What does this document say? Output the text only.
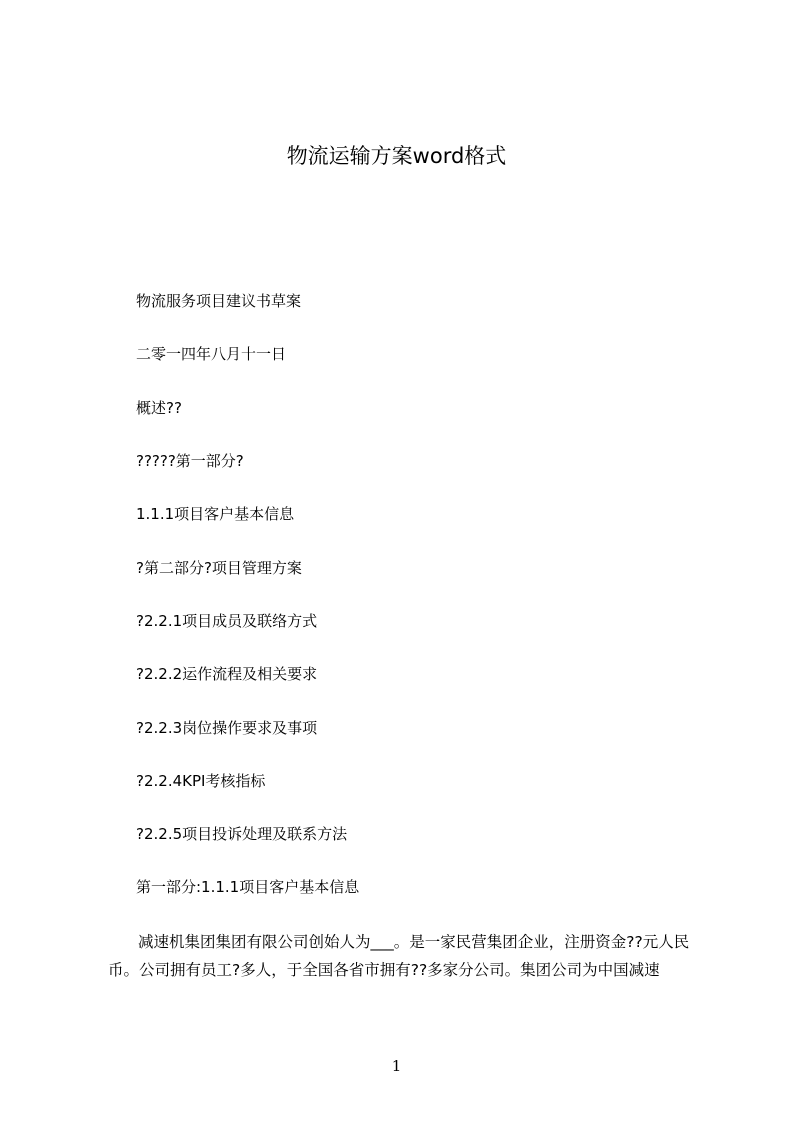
物流运输方案word格式
物流服务项目建议书草案
二零一四年八月十一日
概述??
?????第一部分?
1.1.1项目客户基本信息
?第二部分?项目管理方案
?2.2.1项目成员及联络方式
?2.2.2运作流程及相关要求
?2.2.3岗位操作要求及事项
?2.2.4KPI考核指标
?2.2.5项目投诉处理及联系方法
第一部分:1.1.1项目客户基本信息
减速机集团集团有限公司创始人为___。是一家民营集团企业，注册资金??元人民币。公司拥有员工?多人，于全国各省市拥有??多家分公司。集团公司为中国减速
1
